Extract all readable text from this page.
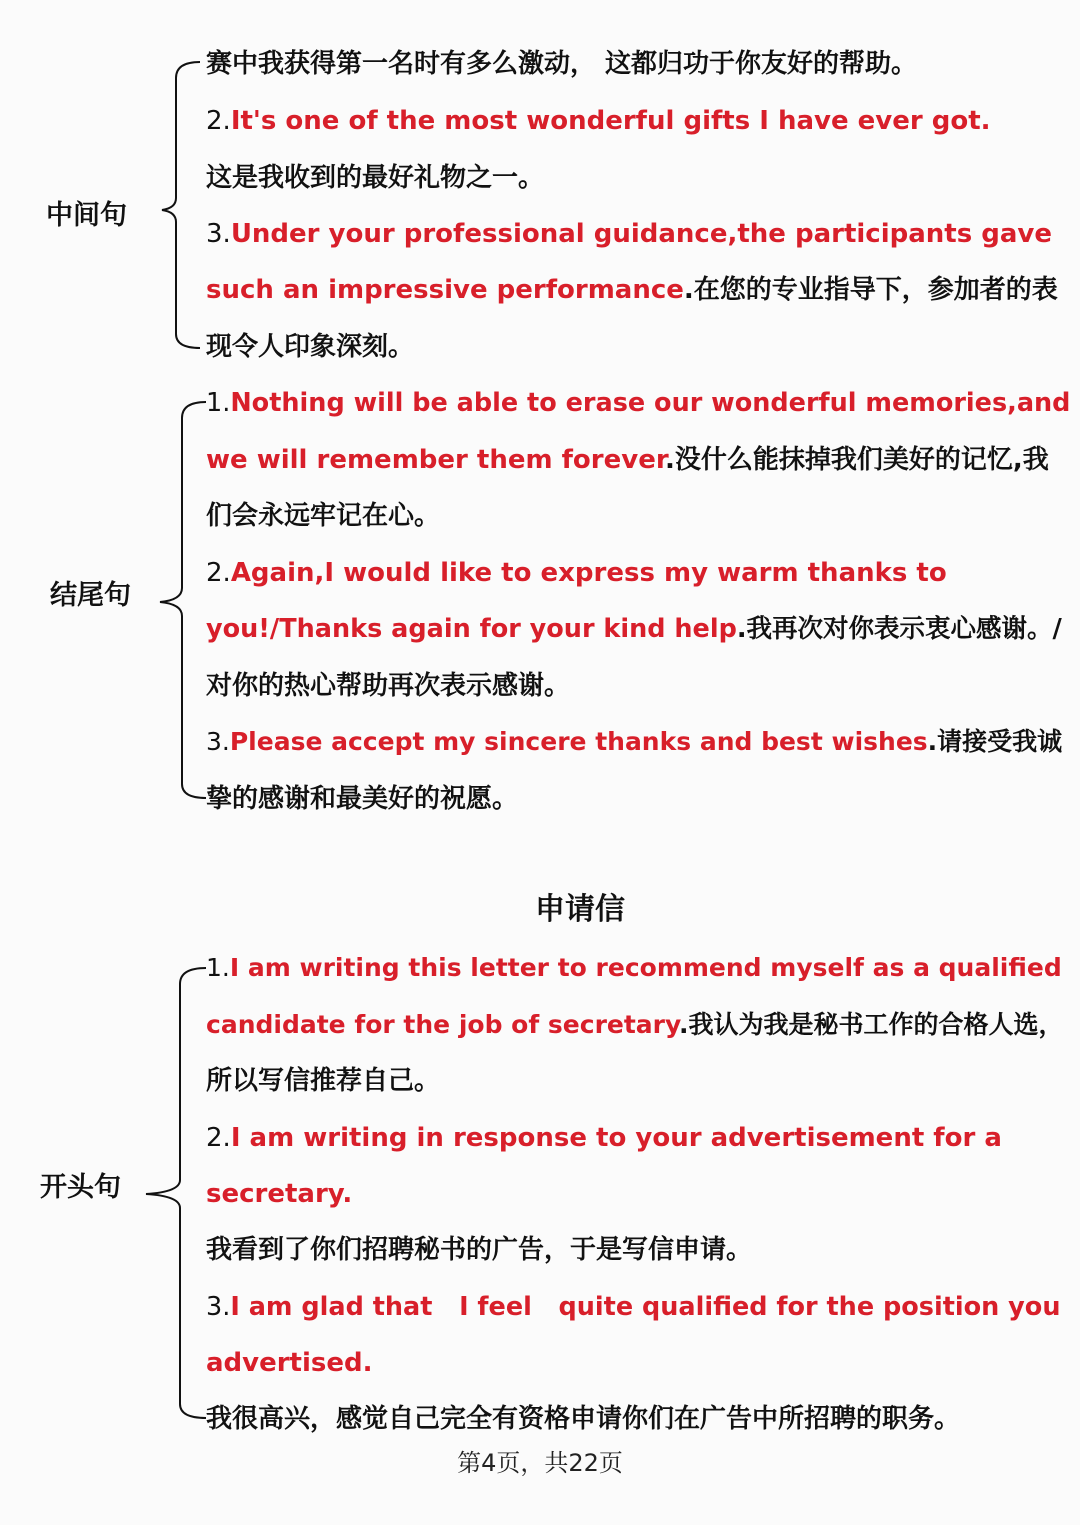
中间句
赛中我获得第一名时有多么激动， 这都归功于你友好的帮助。
2.It's one of the most wonderful gifts I have ever got.
这是我收到的最好礼物之一。
3.Under your professional guidance,the participants gave
such an impressive performance.在您的专业指导下，参加者的表
现令人印象深刻。
结尾句
1.Nothing will be able to erase our wonderful memories,and
we will remember them forever.没什么能抹掉我们美好的记忆,我
们会永远牢记在心。
2.Again,I would like to express my warm thanks to
you!/Thanks again for your kind help.我再次对你表示衷心感谢。/
对你的热心帮助再次表示感谢。
3.Please accept my sincere thanks and best wishes.请接受我诚
挚的感谢和最美好的祝愿。
申请信
开头句
1.I am writing this letter to recommend myself as a qualified
candidate for the job of secretary.我认为我是秘书工作的合格人选，
所以写信推荐自己。
2.I am writing in response to your advertisement for a
secretary.
我看到了你们招聘秘书的广告，于是写信申请。
3.I am glad that   I feel   quite qualified for the position you
advertised.
我很高兴，感觉自己完全有资格申请你们在广告中所招聘的职务。
第4页，共22页
